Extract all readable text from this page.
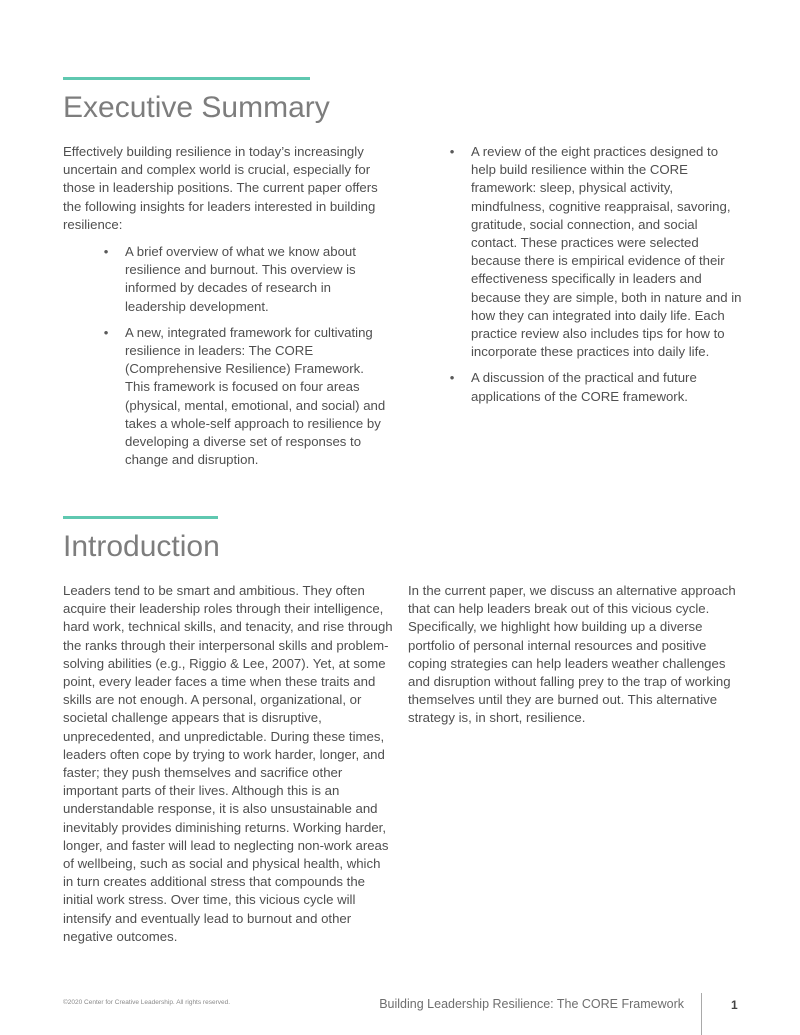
Executive Summary

Effectively building resilience in today’s increasingly uncertain and complex world is crucial, especially for those in leadership positions. The current paper offers the following insights for leaders interested in building resilience:

• A brief overview of what we know about resilience and burnout. This overview is informed by decades of research in leadership development.
• A new, integrated framework for cultivating resilience in leaders: The CORE (Comprehensive Resilience) Framework. This framework is focused on four areas (physical, mental, emotional, and social) and takes a whole-self approach to resilience by developing a diverse set of responses to change and disruption.
• A review of the eight practices designed to help build resilience within the CORE framework: sleep, physical activity, mindfulness, cognitive reappraisal, savoring, gratitude, social connection, and social contact. These practices were selected because there is empirical evidence of their effectiveness specifically in leaders and because they are simple, both in nature and in how they can integrated into daily life. Each practice review also includes tips for how to incorporate these practices into daily life.
• A discussion of the practical and future applications of the CORE framework.
Introduction

Leaders tend to be smart and ambitious. They often acquire their leadership roles through their intelligence, hard work, technical skills, and tenacity, and rise through the ranks through their interpersonal skills and problem-solving abilities (e.g., Riggio & Lee, 2007). Yet, at some point, every leader faces a time when these traits and skills are not enough. A personal, organizational, or societal challenge appears that is disruptive, unprecedented, and unpredictable. During these times, leaders often cope by trying to work harder, longer, and faster; they push themselves and sacrifice other important parts of their lives. Although this is an understandable response, it is also unsustainable and inevitably provides diminishing returns. Working harder, longer, and faster will lead to neglecting non-work areas of wellbeing, such as social and physical health, which in turn creates additional stress that compounds the initial work stress. Over time, this vicious cycle will intensify and eventually lead to burnout and other negative outcomes.

In the current paper, we discuss an alternative approach that can help leaders break out of this vicious cycle. Specifically, we highlight how building up a diverse portfolio of personal internal resources and positive coping strategies can help leaders weather challenges and disruption without falling prey to the trap of working themselves until they are burned out. This alternative strategy is, in short, resilience.

©2020 Center for Creative Leadership. All rights reserved.	Building Leadership Resilience: The CORE Framework	1
